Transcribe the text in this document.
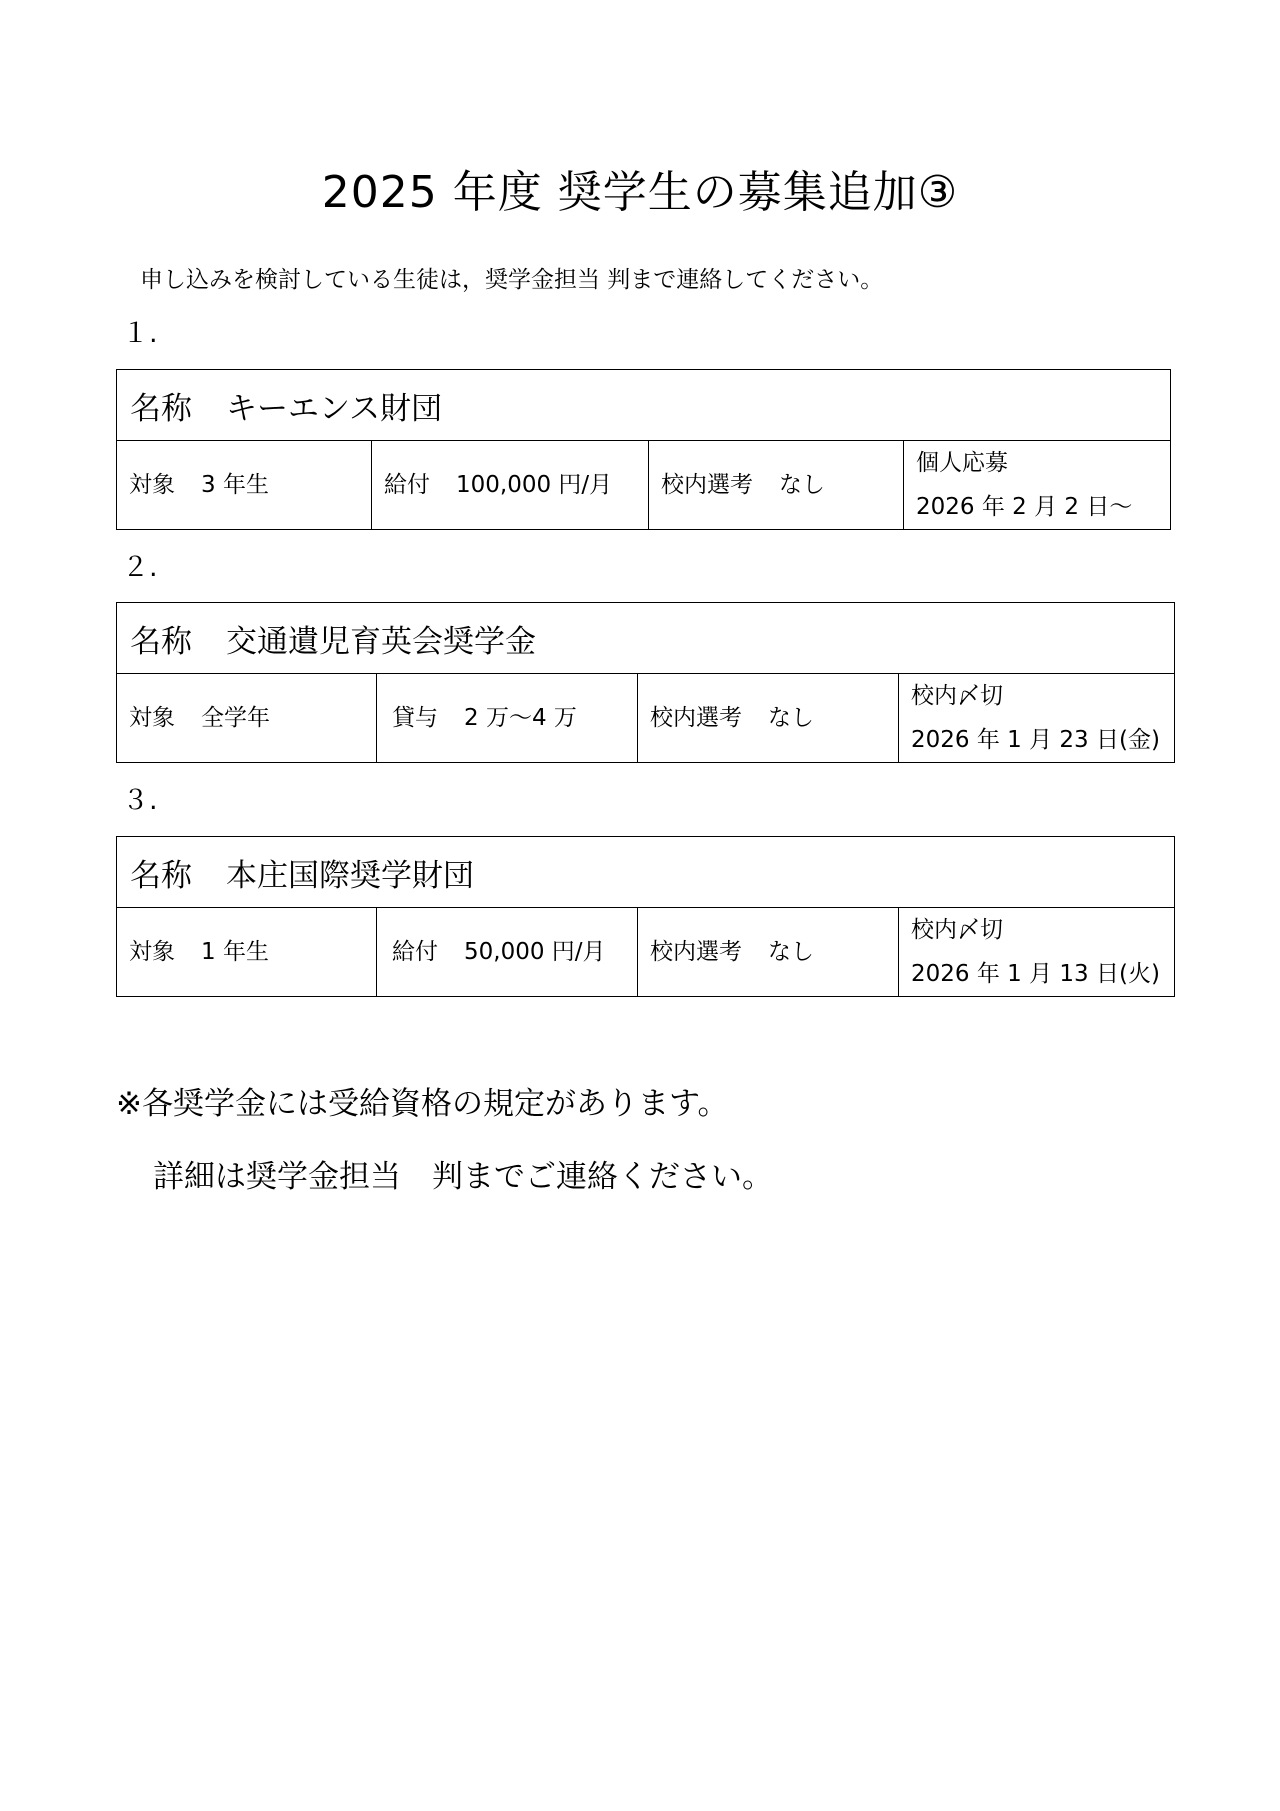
2025 年度 奨学生の募集追加③
申し込みを検討している生徒は，奨学金担当 判まで連絡してください。
１.
名称 キーエンス財団
対象 3 年生	給付 100,000 円/月	校内選考 なし
個人応募
2026 年 2 月 2 日～
２.
名称 交通遺児育英会奨学金
対象 全学年	貸与 2 万～4 万	校内選考 なし
校内〆切
2026 年 1 月 23 日(金)
３.
名称 本庄国際奨学財団
対象 1 年生	給付 50,000 円/月	校内選考 なし
校内〆切
2026 年 1 月 13 日(火)
※各奨学金には受給資格の規定があります。
詳細は奨学金担当　判までご連絡ください。
